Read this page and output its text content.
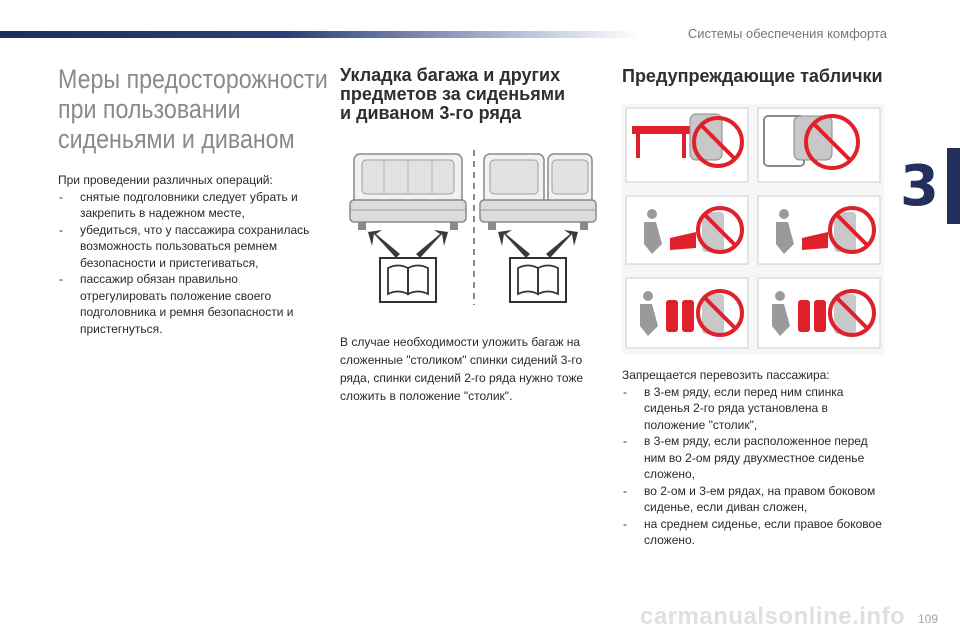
Системы обеспечения комфорта
3
Меры предосторожности
при пользовании
сиденьями и диваном
При проведении различных операций:
- снятые подголовники следует убрать и закрепить в надежном месте,
- убедиться, что у пассажира сохранилась возможность пользоваться ремнем безопасности и пристегиваться,
- пассажир обязан правильно отрегулировать положение своего подголовника и ремня безопасности и пристегнуться.
Укладка багажа и других
предметов за сиденьями
и диваном 3-го ряда
В случае необходимости уложить багаж на сложенные "столиком" спинки сидений 3-го ряда, спинки сидений 2-го ряда нужно тоже сложить в положение "столик".
Предупреждающие таблички
Запрещается перевозить пассажира:
- в 3-ем ряду, если перед ним спинка сиденья 2-го ряда установлена в положение "столик",
- в 3-ем ряду, если расположенное перед ним во 2-ом ряду двухместное сиденье сложено,
- во 2-ом и 3-ем рядах, на правом боковом сиденье, если диван сложен,
- на среднем сиденье, если правое боковое сложено.
carmanualsonline.info 109
